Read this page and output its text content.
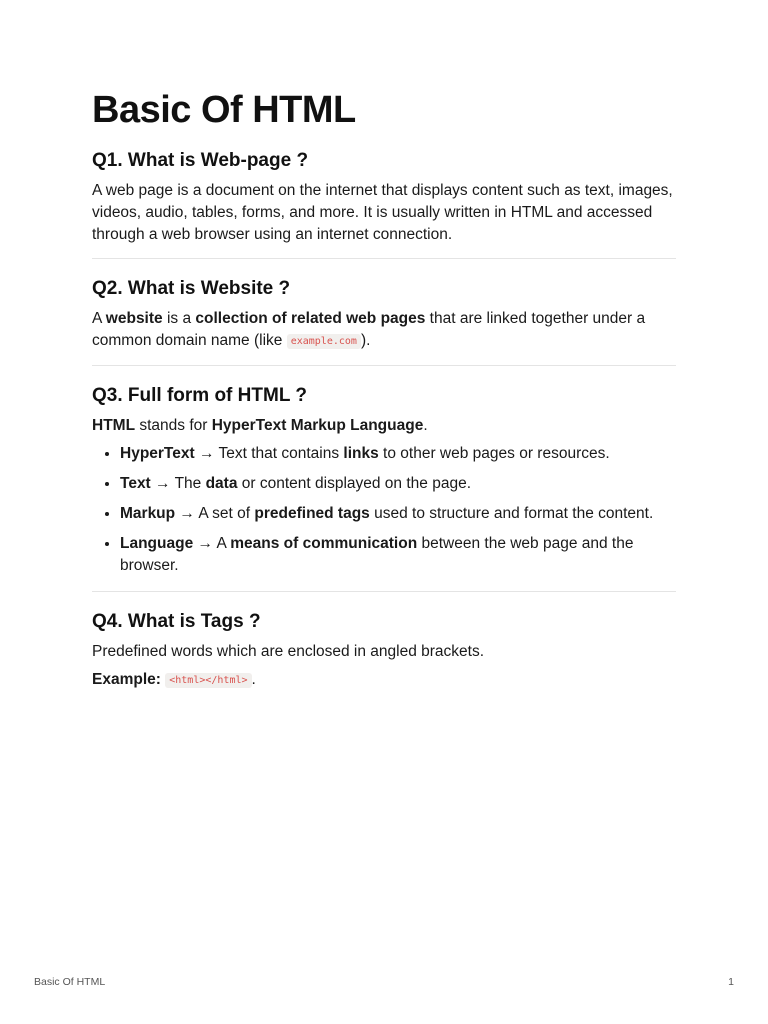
Basic Of HTML
Q1. What is Web-page ?

A web page is a document on the internet that displays content such as text, images, videos, audio, tables, forms, and more. It is usually written in HTML and accessed through a web browser using an internet connection.

Q2. What is Website ?

A website is a collection of related web pages that are linked together under a common domain name (like example.com ).

Q3. Full form of HTML ?

HTML stands for HyperText Markup Language.

• HyperText → Text that contains links to other web pages or resources.
• Text → The data or content displayed on the page.
• Markup → A set of predefined tags used to structure and format the content.
• Language → A means of communication between the web page and the browser.
Q4. What is Tags ?

Predefined words which are enclosed in angled brackets.

Example: <html></html> .

Basic Of HTML	1
